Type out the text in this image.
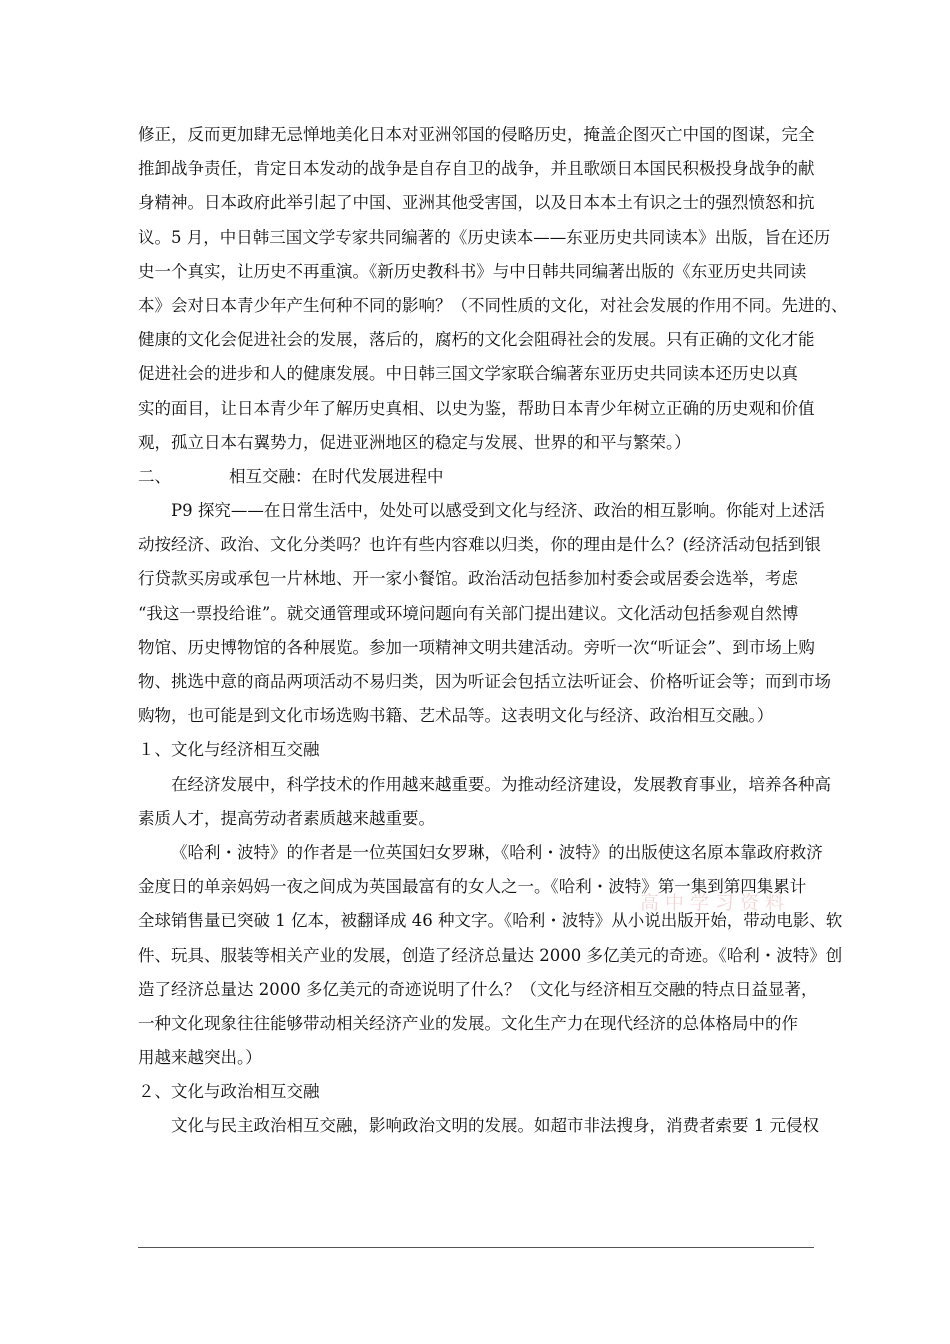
修正，反而更加肆无忌惮地美化日本对亚洲邻国的侵略历史，掩盖企图灭亡中国的图谋，完全
推卸战争责任，肯定日本发动的战争是自存自卫的战争，并且歌颂日本国民积极投身战争的献
身精神。日本政府此举引起了中国、亚洲其他受害国，以及日本本土有识之士的强烈愤怒和抗
议。5 月，中日韩三国文学专家共同编著的《历史读本——东亚历史共同读本》出版，旨在还历
史一个真实，让历史不再重演。《新历史教科书》与中日韩共同编著出版的《东亚历史共同读
本》会对日本青少年产生何种不同的影响？（不同性质的文化，对社会发展的作用不同。先进的、
健康的文化会促进社会的发展，落后的，腐朽的文化会阻碍社会的发展。只有正确的文化才能
促进社会的进步和人的健康发展。中日韩三国文学家联合编著东亚历史共同读本还历史以真
实的面目，让日本青少年了解历史真相、以史为鉴，帮助日本青少年树立正确的历史观和价值
观，孤立日本右翼势力，促进亚洲地区的稳定与发展、世界的和平与繁荣。）
二、	相互交融：在时代发展进程中
P9 探究——在日常生活中，处处可以感受到文化与经济、政治的相互影响。你能对上述活
动按经济、政治、文化分类吗？也许有些内容难以归类，你的理由是什么？(经济活动包括到银
行贷款买房或承包一片林地、开一家小餐馆。政治活动包括参加村委会或居委会选举，考虑
“我这一票投给谁”。就交通管理或环境问题向有关部门提出建议。文化活动包括参观自然博
物馆、历史博物馆的各种展览。参加一项精神文明共建活动。旁听一次“听证会”、到市场上购
物、挑选中意的商品两项活动不易归类，因为听证会包括立法听证会、价格听证会等；而到市场
购物，也可能是到文化市场选购书籍、艺术品等。这表明文化与经济、政治相互交融。）
１、文化与经济相互交融
在经济发展中，科学技术的作用越来越重要。为推动经济建设，发展教育事业，培养各种高
素质人才，提高劳动者素质越来越重要。
《哈利・波特》的作者是一位英国妇女罗琳，《哈利・波特》的出版使这名原本靠政府救济
金度日的单亲妈妈一夜之间成为英国最富有的女人之一。《哈利・波特》第一集到第四集累计
全球销售量已突破 1 亿本，被翻译成 46 种文字。《哈利・波特》从小说出版开始，带动电影、软
件、玩具、服装等相关产业的发展，创造了经济总量达 2000 多亿美元的奇迹。《哈利・波特》创
造了经济总量达 2000 多亿美元的奇迹说明了什么？（文化与经济相互交融的特点日益显著，
一种文化现象往往能够带动相关经济产业的发展。文化生产力在现代经济的总体格局中的作
用越来越突出。）
２、文化与政治相互交融
文化与民主政治相互交融，影响政治文明的发展。如超市非法搜身，消费者索要 1 元侵权
高中学习资料
